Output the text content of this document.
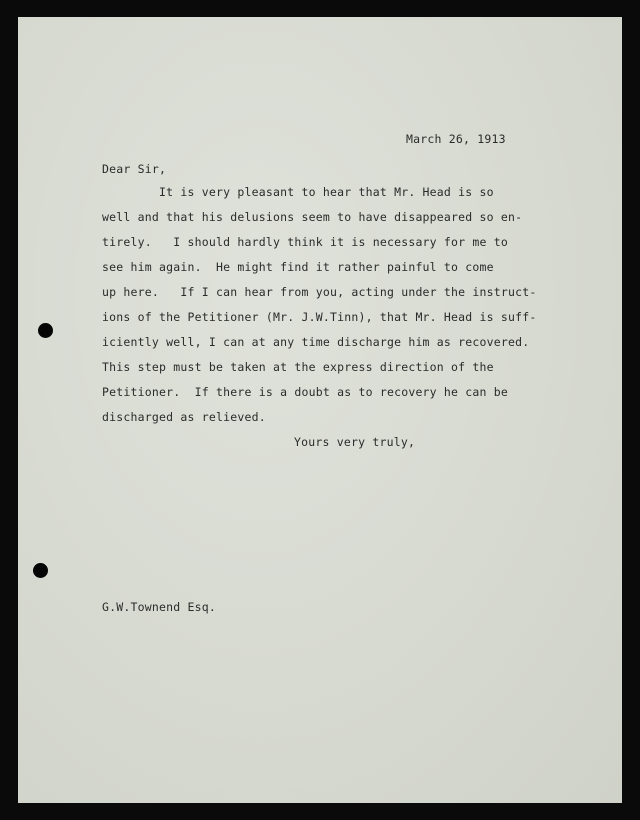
March 26, 1913
Dear Sir,
It is very pleasant to hear that Mr. Head is so
well and that his delusions seem to have disappeared so en-
tirely.   I should hardly think it is necessary for me to
see him again.  He might find it rather painful to come
up here.   If I can hear from you, acting under the instruct-
ions of the Petitioner (Mr. J.W.Tinn), that Mr. Head is suff-
iciently well, I can at any time discharge him as recovered.
This step must be taken at the express direction of the
Petitioner.  If there is a doubt as to recovery he can be
discharged as relieved.
Yours very truly,
G.W.Townend Esq.
